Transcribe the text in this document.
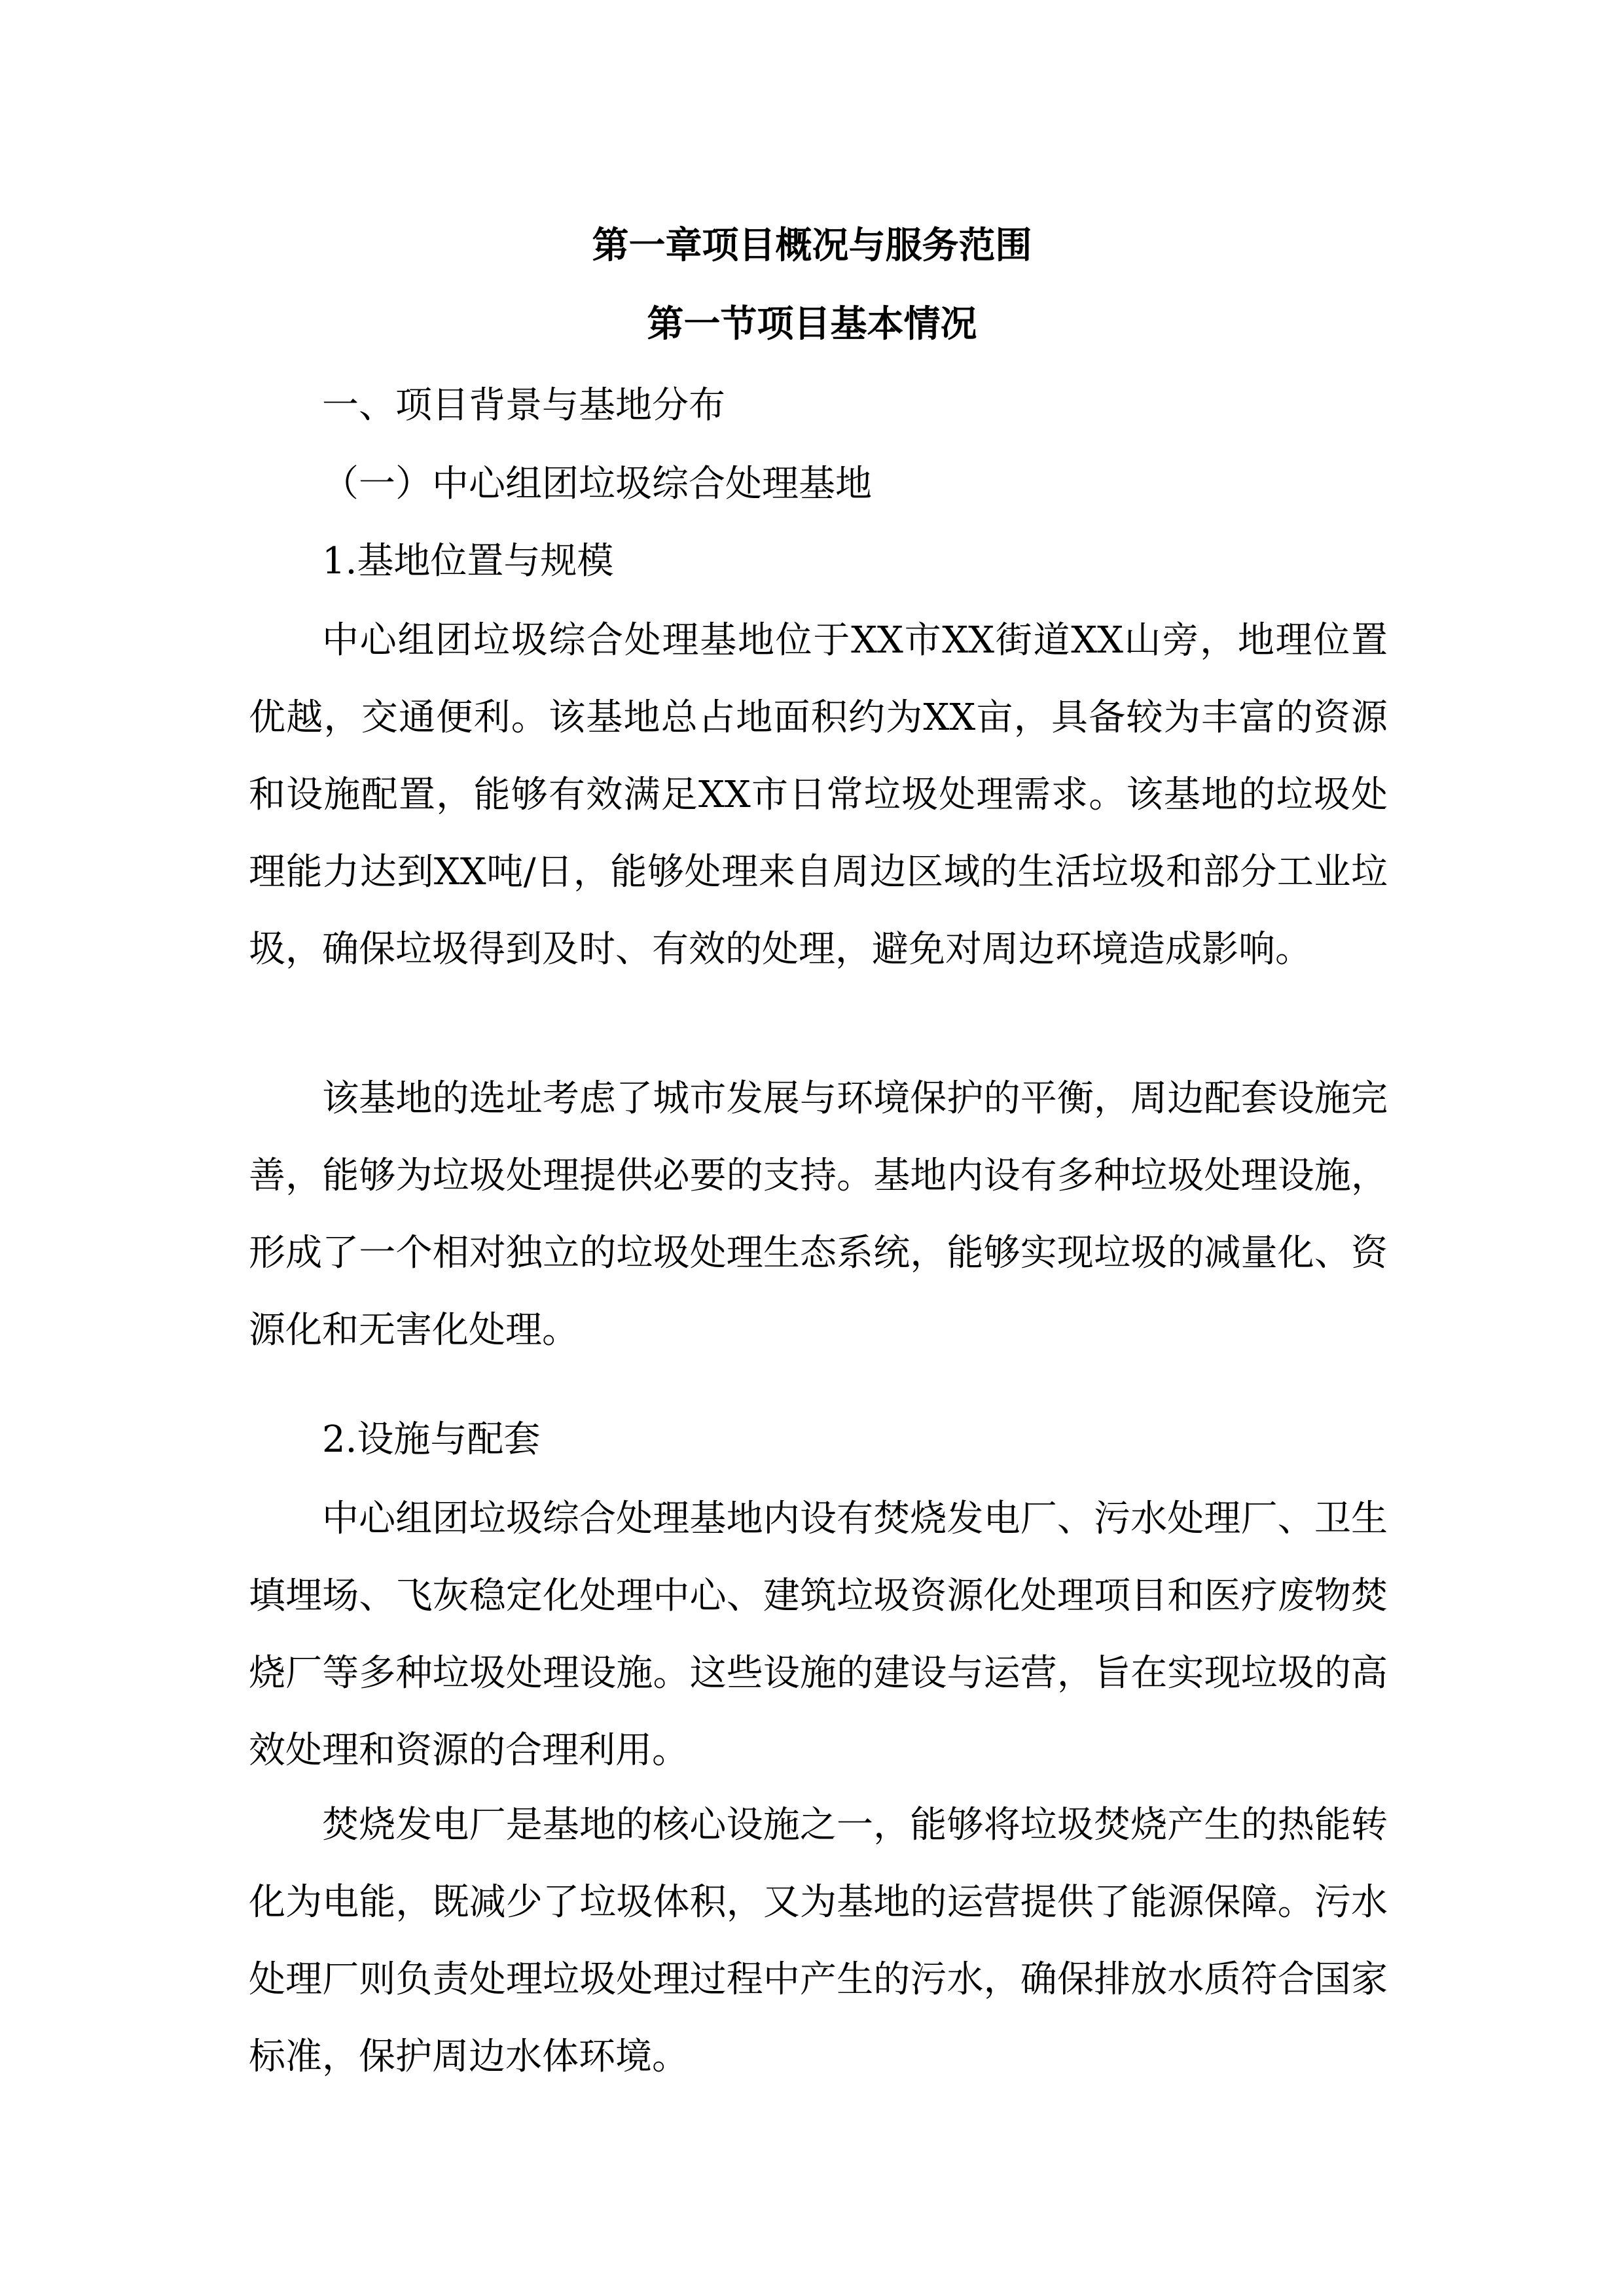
第一章项目概况与服务范围
第一节项目基本情况
一、项目背景与基地分布
（一）中心组团垃圾综合处理基地
1.基地位置与规模

中心组团垃圾综合处理基地位于XX市XX街道XX山旁，地理位置优越，交通便利。该基地总占地面积约为XX亩，具备较为丰富的资源和设施配置，能够有效满足XX市日常垃圾处理需求。该基地的垃圾处理能力达到XX吨/日，能够处理来自周边区域的生活垃圾和部分工业垃圾，确保垃圾得到及时、有效的处理，避免对周边环境造成影响。

该基地的选址考虑了城市发展与环境保护的平衡，周边配套设施完善，能够为垃圾处理提供必要的支持。基地内设有多种垃圾处理设施，形成了一个相对独立的垃圾处理生态系统，能够实现垃圾的减量化、资源化和无害化处理。

2.设施与配套

中心组团垃圾综合处理基地内设有焚烧发电厂、污水处理厂、卫生填埋场、飞灰稳定化处理中心、建筑垃圾资源化处理项目和医疗废物焚烧厂等多种垃圾处理设施。这些设施的建设与运营，旨在实现垃圾的高效处理和资源的合理利用。

焚烧发电厂是基地的核心设施之一，能够将垃圾焚烧产生的热能转化为电能，既减少了垃圾体积，又为基地的运营提供了能源保障。污水处理厂则负责处理垃圾处理过程中产生的污水，确保排放水质符合国家标准，保护周边水体环境。
